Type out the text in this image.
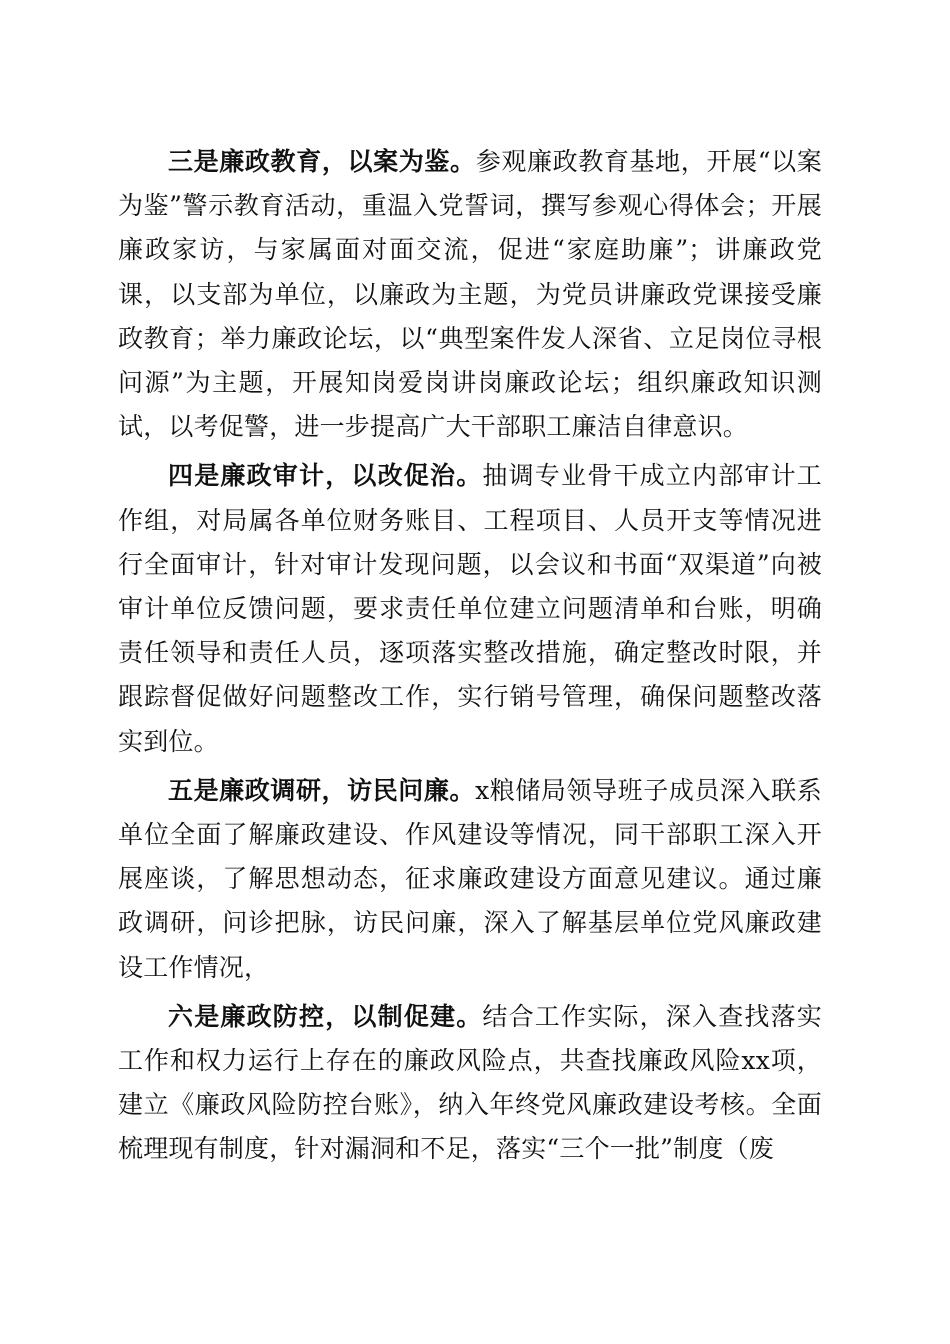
三是廉政教育，以案为鉴。参观廉政教育基地，开展“以案为鉴”警示教育活动，重温入党誓词，撰写参观心得体会；开展廉政家访，与家属面对面交流，促进“家庭助廉”；讲廉政党课，以支部为单位，以廉政为主题，为党员讲廉政党课接受廉政教育；举力廉政论坛，以“典型案件发人深省、立足岗位寻根问源”为主题，开展知岗爱岗讲岗廉政论坛；组织廉政知识测试，以考促警，进一步提高广大干部职工廉洁自律意识。

四是廉政审计，以改促治。抽调专业骨干成立内部审计工作组，对局属各单位财务账目、工程项目、人员开支等情况进行全面审计，针对审计发现问题，以会议和书面“双渠道”向被审计单位反馈问题，要求责任单位建立问题清单和台账，明确责任领导和责任人员，逐项落实整改措施，确定整改时限，并跟踪督促做好问题整改工作，实行销号管理，确保问题整改落实到位。

五是廉政调研，访民问廉。x粮储局领导班子成员深入联系单位全面了解廉政建设、作风建设等情况，同干部职工深入开展座谈，了解思想动态，征求廉政建设方面意见建议。通过廉政调研，问诊把脉，访民问廉，深入了解基层单位党风廉政建设工作情况，

六是廉政防控，以制促建。结合工作实际，深入查找落实工作和权力运行上存在的廉政风险点，共查找廉政风险xx项，建立《廉政风险防控台账》，纳入年终党风廉政建设考核。全面梳理现有制度，针对漏洞和不足，落实“三个一批”制度（废
